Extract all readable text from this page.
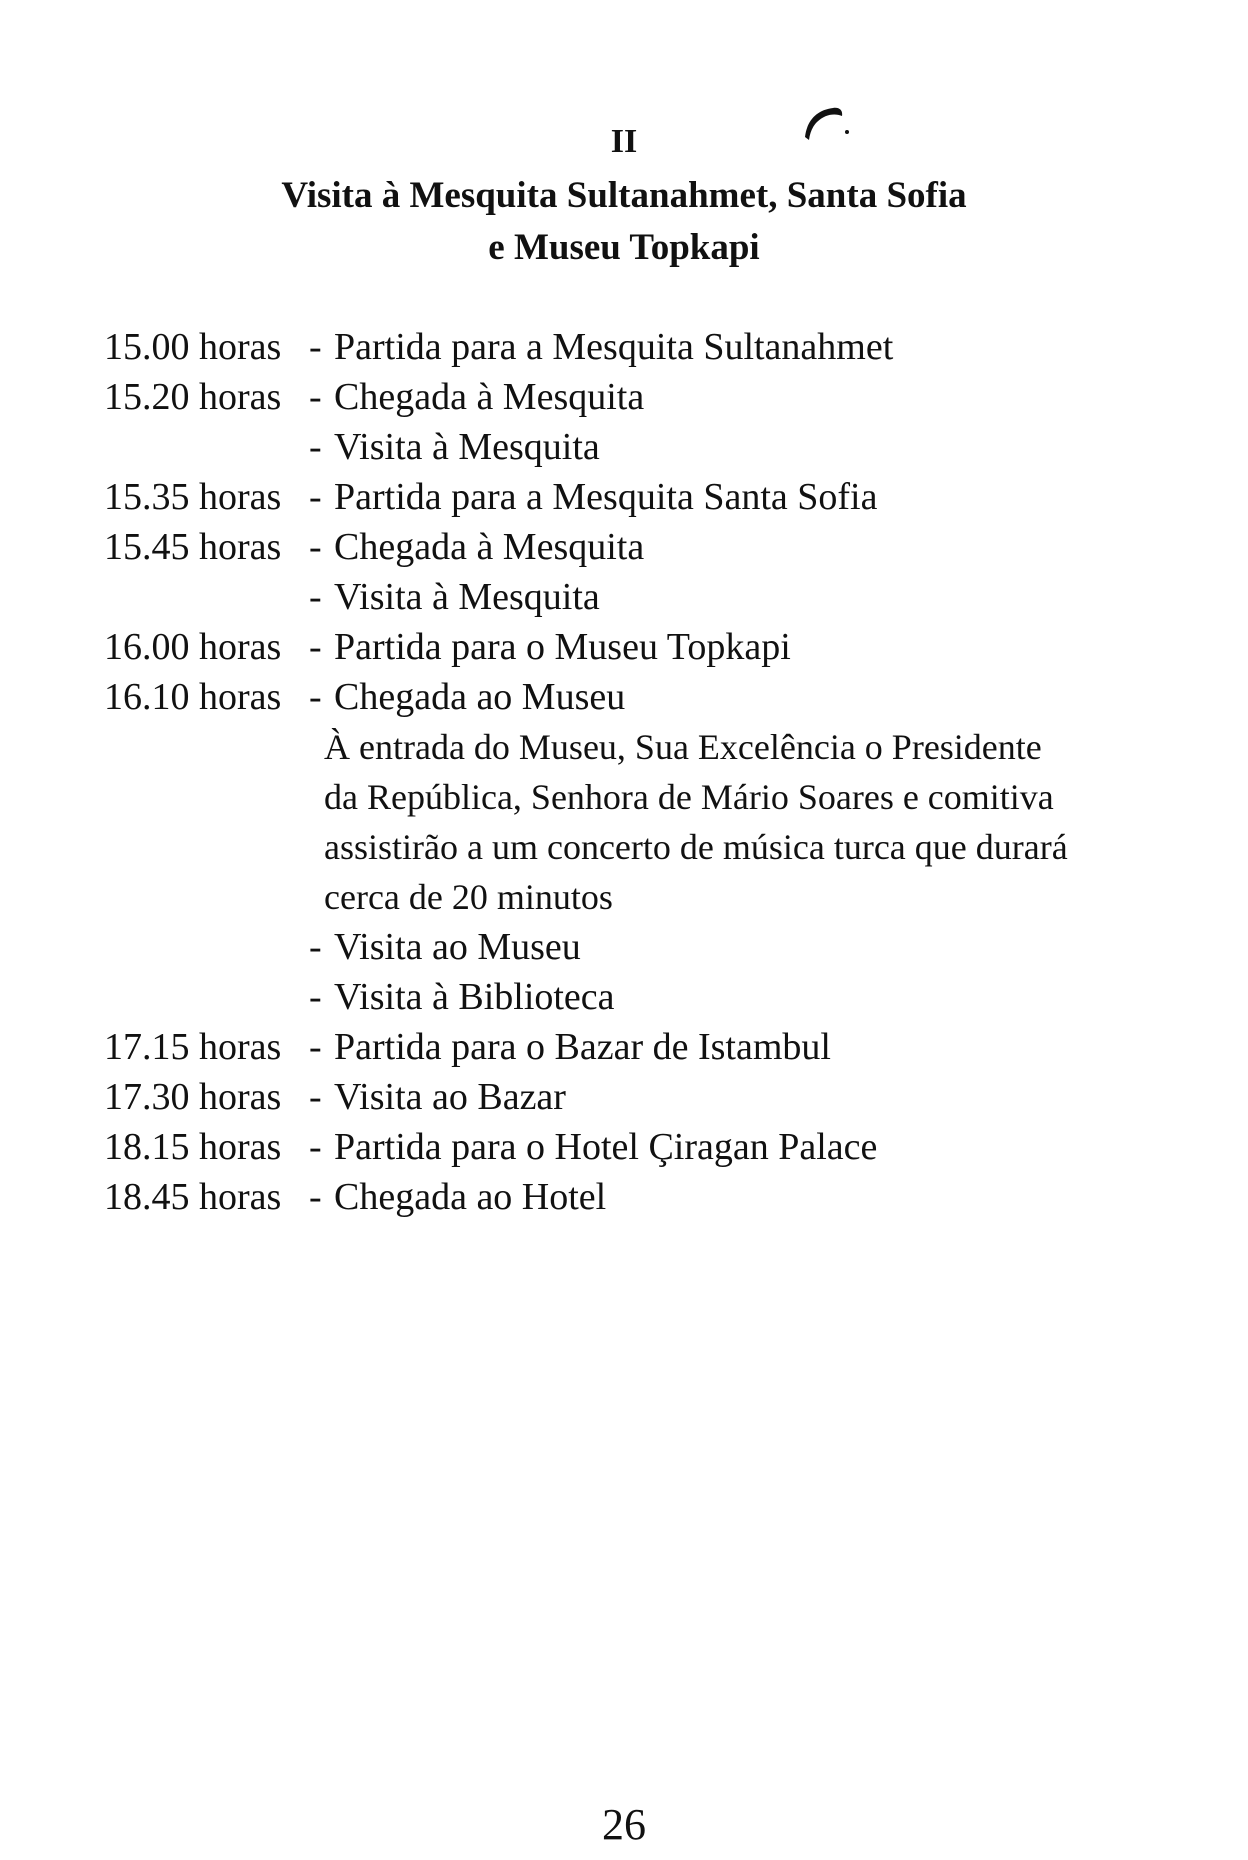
II
Visita à Mesquita Sultanahmet, Santa Sofia
e Museu Topkapi
15.00 horas - Partida para a Mesquita Sultanahmet
15.20 horas - Chegada à Mesquita
- Visita à Mesquita
15.35 horas - Partida para a Mesquita Santa Sofia
15.45 horas - Chegada à Mesquita
- Visita à Mesquita
16.00 horas - Partida para o Museu Topkapi
16.10 horas - Chegada ao Museu
À entrada do Museu, Sua Excelência o Presidente
da República, Senhora de Mário Soares e comitiva
assistirão a um concerto de música turca que durará
cerca de 20 minutos
- Visita ao Museu
- Visita à Biblioteca
17.15 horas - Partida para o Bazar de Istambul
17.30 horas - Visita ao Bazar
18.15 horas - Partida para o Hotel Çiragan Palace
18.45 horas - Chegada ao Hotel
26
